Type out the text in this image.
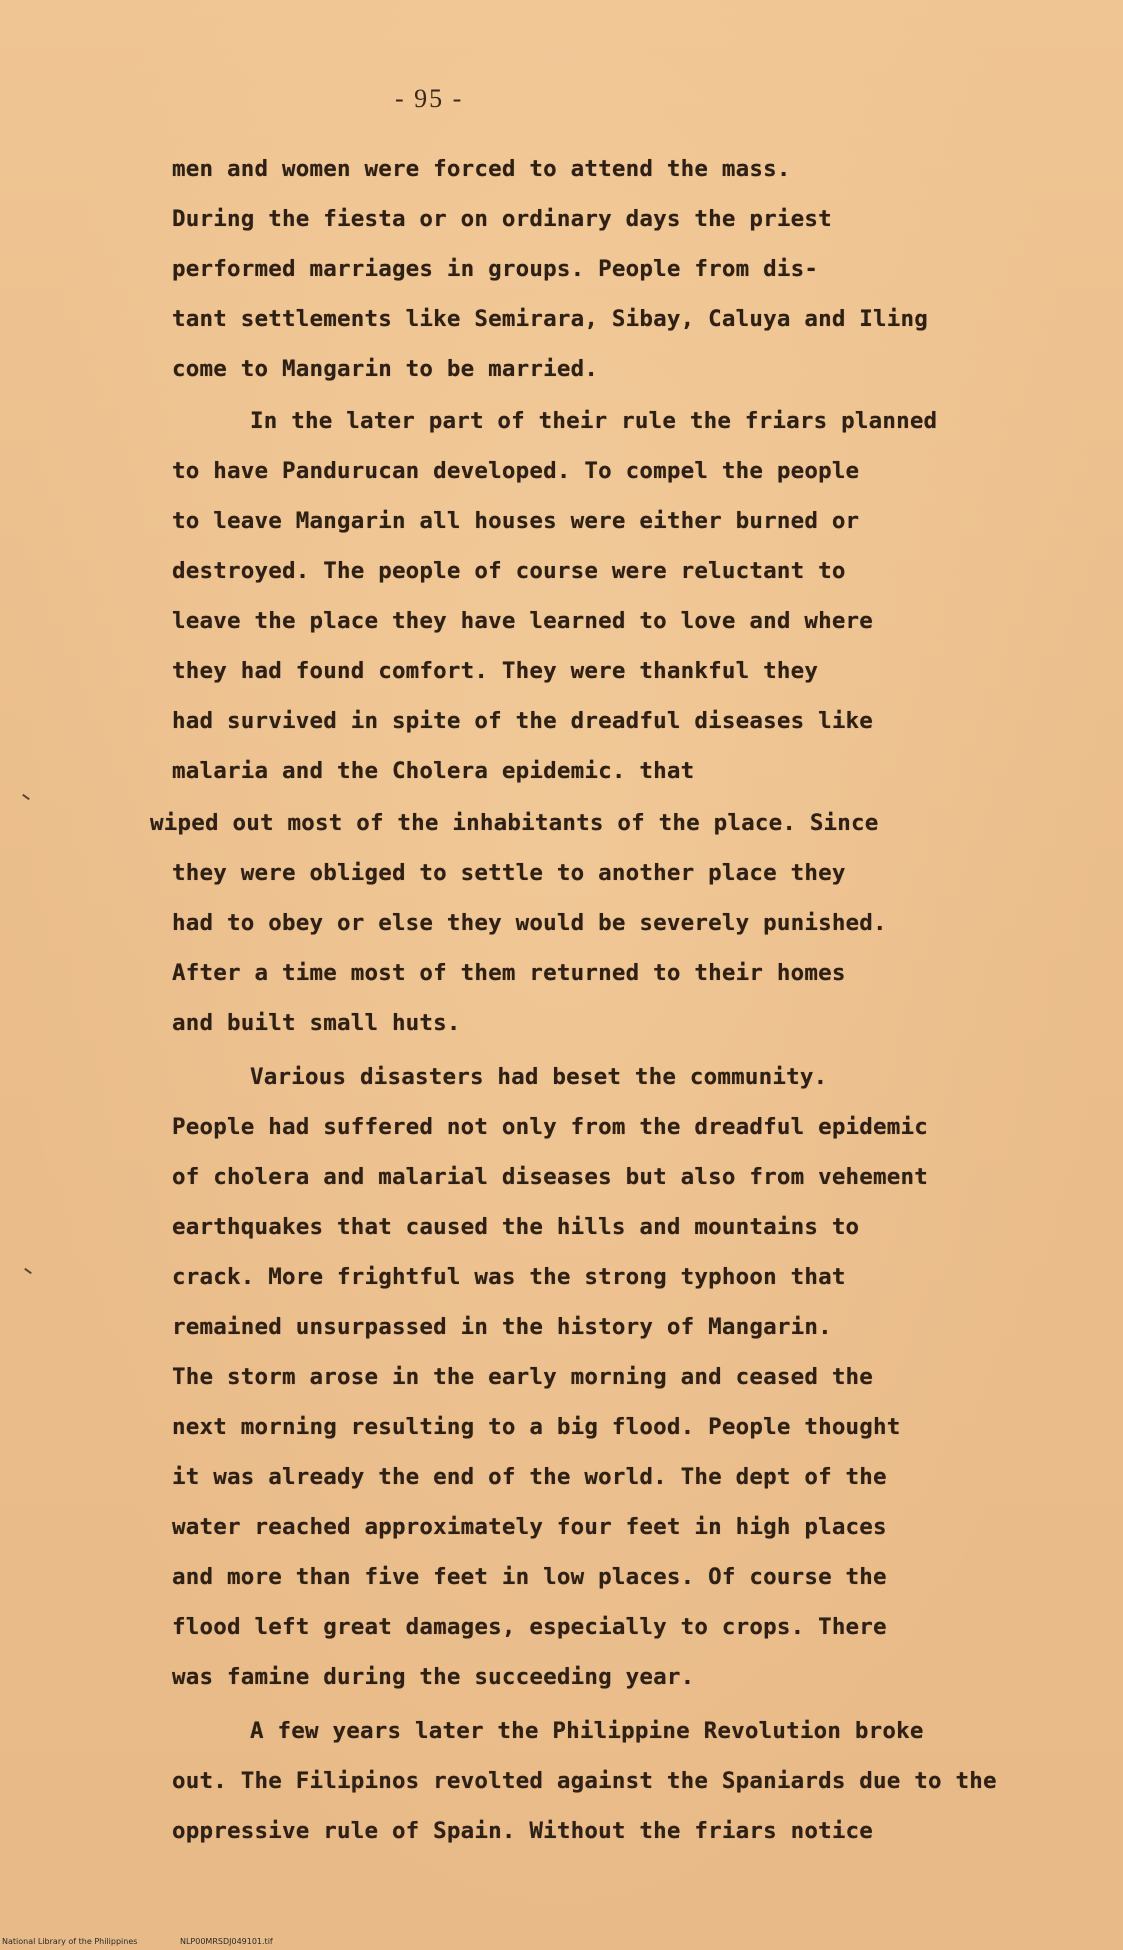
- 95 -
men and women were forced to attend the mass.
During the fiesta or on ordinary days the priest
performed marriages in groups. People from dis-
tant settlements like Semirara, Sibay, Caluya and Iling
come to Mangarin to be married.
In the later part of their rule the friars planned
to have Pandurucan developed. To compel the people
to leave Mangarin all houses were either burned or
destroyed. The people of course were reluctant to
leave the place they have learned to love and where
they had found comfort. They were thankful they
had survived in spite of the dreadful diseases like
malaria and the Cholera epidemic. that
wiped out most of the inhabitants of the place. Since
they were obliged to settle to another place they
had to obey or else they would be severely punished.
After a time most of them returned to their homes
and built small huts.
Various disasters had beset the community.
People had suffered not only from the dreadful epidemic
of cholera and malarial diseases but also from vehement
earthquakes that caused the hills and mountains to
crack. More frightful was the strong typhoon that
remained unsurpassed in the history of Mangarin.
The storm arose in the early morning and ceased the
next morning resulting to a big flood. People thought
it was already the end of the world. The dept of the
water reached approximately four feet in high places
and more than five feet in low places. Of course the
flood left great damages, especially to crops. There
was famine during the succeeding year.
A few years later the Philippine Revolution broke
out. The Filipinos revolted against the Spaniards due to the
oppressive rule of Spain. Without the friars notice
National Library of the Philippines	NLP00MRSDJ049101.tif
